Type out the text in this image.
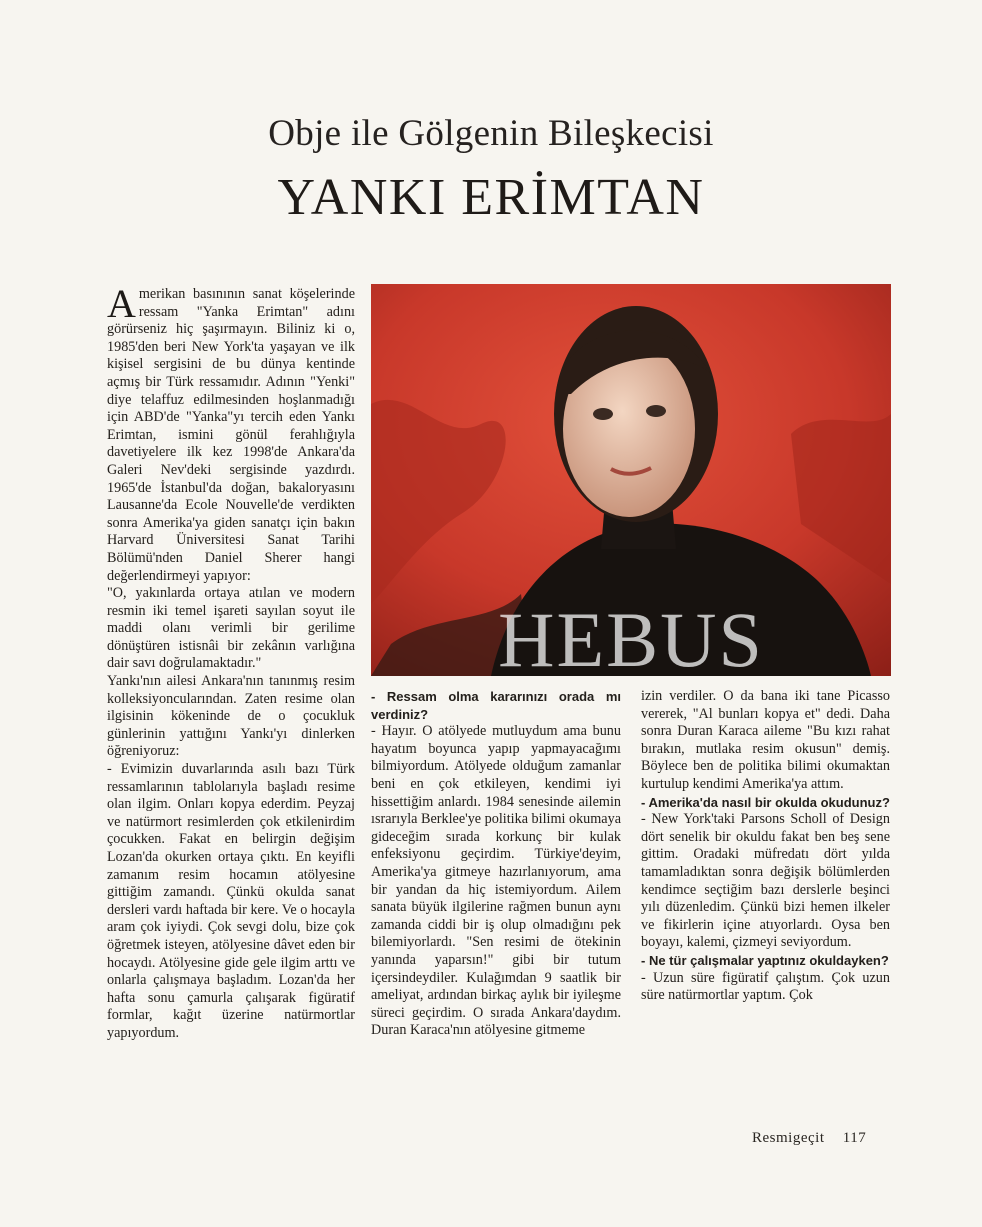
Obje ile Gölgenin Bileşkecisi
YANKI ERİMTAN
A merikan basınının sanat köşelerinde ressam "Yanka Erimtan" adını görürseniz hiç şaşırmayın. Biliniz ki o, 1985'den beri New York'ta yaşayan ve ilk kişisel sergisini de bu dünya kentinde açmış bir Türk ressamıdır. Adının "Yenki" diye telaffuz edilmesinden hoşlanmadığı için ABD'de "Yanka"yı tercih eden Yankı Erimtan, ismini gönül ferahlığıyla davetiyelere ilk kez 1998'de Ankara'da Galeri Nev'deki sergisinde yazdırdı. 1965'de İstanbul'da doğan, bakaloryasını Lausanne'da Ecole Nouvelle'de verdikten sonra Amerika'ya giden sanatçı için bakın Harvard Üniversitesi Sanat Tarihi Bölümü'nden Daniel Sherer hangi değerlendirmeyi yapıyor:
"O, yakınlarda ortaya atılan ve modern resmin iki temel işareti sayılan soyut ile maddi olanı verimli bir gerilime dönüştüren istisnâi bir zekânın varlığına dair savı doğrulamaktadır."
Yankı'nın ailesi Ankara'nın tanınmış resim kolleksiyoncularından. Zaten resime olan ilgisinin kökeninde de o çocukluk günlerinin yattığını Yankı'yı dinlerken öğreniyoruz:
- Evimizin duvarlarında asılı bazı Türk ressamlarının tablolarıyla başladı resime olan ilgim. Onları kopya ederdim. Peyzaj ve natürmort resimlerden çok etkilenirdim çocukken. Fakat en belirgin değişim Lozan'da okurken ortaya çıktı. En keyifli zamanım resim hocamın atölyesine gittiğim zamandı. Çünkü okulda sanat dersleri vardı haftada bir kere. Ve o hocayla aram çok iyiydi. Çok sevgi dolu, bize çok öğretmek isteyen, atölyesine dâvet eden bir hocaydı. Atölyesine gide gele ilgim arttı ve onlarla çalışmaya başladım. Lozan'da her hafta sonu çamurla çalışarak figüratif formlar, kağıt üzerine natürmortlar yapıyordum.

HEBUS

- Ressam olma kararınızı orada mı verdiniz?

- Hayır. O atölyede mutluydum ama bunu hayatım boyunca yapıp yapmayacağımı bilmiyordum. Atölyede olduğum zamanlar beni en çok etkileyen, kendimi iyi hissettiğim anlardı. 1984 senesinde ailemin ısrarıyla Berklee'ye politika bilimi okumaya gideceğim sırada korkunç bir kulak enfeksiyonu geçirdim. Türkiye'deyim, Amerika'ya gitmeye hazırlanıyorum, ama bir yandan da hiç istemiyordum. Ailem sanata büyük ilgilerine rağmen bunun aynı zamanda ciddi bir iş olup olmadığını pek bilemiyorlardı. "Sen resimi de ötekinin yanında yaparsın!" gibi bir tutum içersindeydiler. Kulağımdan 9 saatlik bir ameliyat, ardından birkaç aylık bir iyileşme süreci geçirdim. O sırada Ankara'daydım. Duran Karaca'nın atölyesine gitmeme

izin verdiler. O da bana iki tane Picasso vererek, "Al bunları kopya et" dedi. Daha sonra Duran Karaca aileme "Bu kızı rahat bırakın, mutlaka resim okusun" demiş. Böylece ben de politika bilimi okumaktan kurtulup kendimi Amerika'ya attım.

- Amerika'da nasıl bir okulda okudunuz?

- New York'taki Parsons Scholl of Design dört senelik bir okuldu fakat ben beş sene gittim. Oradaki müfredatı dört yılda tamamladıktan sonra değişik bölümlerden kendimce seçtiğim bazı derslerle beşinci yılı düzenledim. Çünkü bizi hemen ilkeler ve fikirlerin içine atıyorlardı. Oysa ben boyayı, kalemi, çizmeyi seviyordum.

- Ne tür çalışmalar yaptınız okuldayken?

- Uzun süre figüratif çalıştım. Çok uzun süre natürmortlar yaptım. Çok

Resmigeçit 117
